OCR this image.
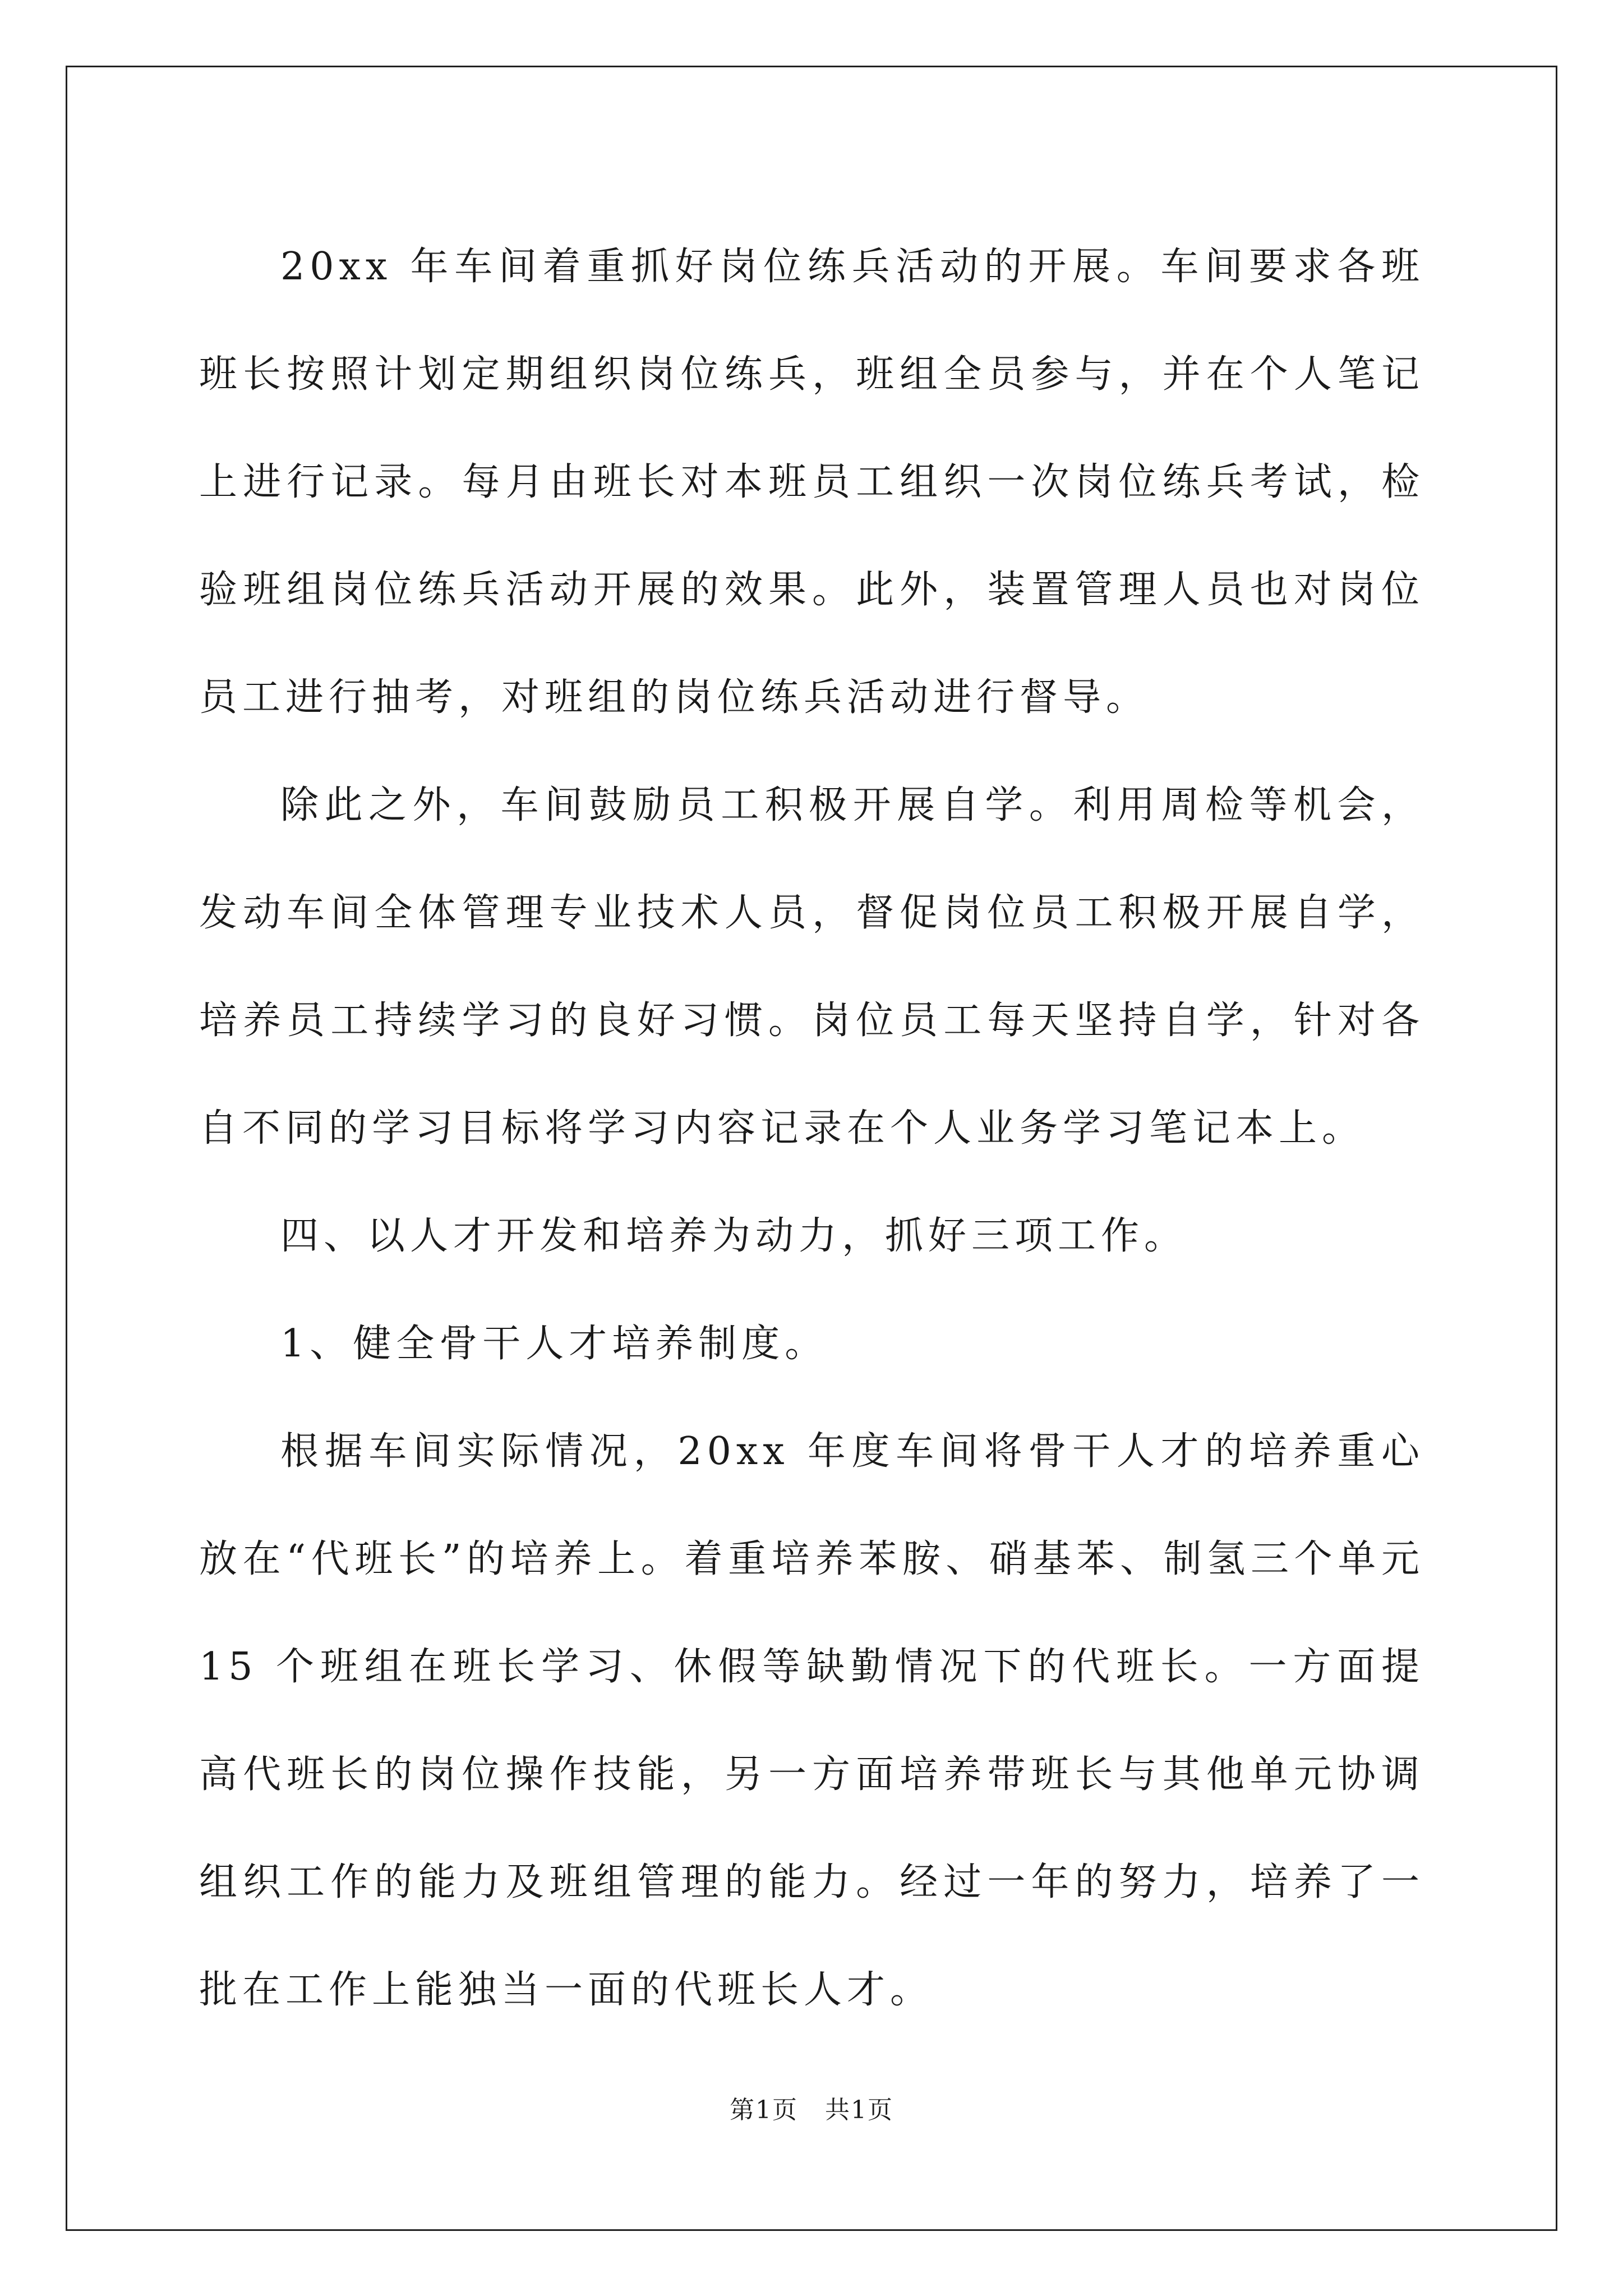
20xx 年车间着重抓好岗位练兵活动的开展。车间要求各班班长按照计划定期组织岗位练兵，班组全员参与，并在个人笔记上进行记录。每月由班长对本班员工组织一次岗位练兵考试，检验班组岗位练兵活动开展的效果。此外，装置管理人员也对岗位员工进行抽考，对班组的岗位练兵活动进行督导。

除此之外，车间鼓励员工积极开展自学。利用周检等机会，发动车间全体管理专业技术人员，督促岗位员工积极开展自学，培养员工持续学习的良好习惯。岗位员工每天坚持自学，针对各自不同的学习目标将学习内容记录在个人业务学习笔记本上。

四、以人才开发和培养为动力，抓好三项工作。

1、健全骨干人才培养制度。

根据车间实际情况，20xx 年度车间将骨干人才的培养重心放在“代班长”的培养上。着重培养苯胺、硝基苯、制氢三个单元 15 个班组在班长学习、休假等缺勤情况下的代班长。一方面提高代班长的岗位操作技能，另一方面培养带班长与其他单元协调组织工作的能力及班组管理的能力。经过一年的努力，培养了一批在工作上能独当一面的代班长人才。

第1页 共1页
